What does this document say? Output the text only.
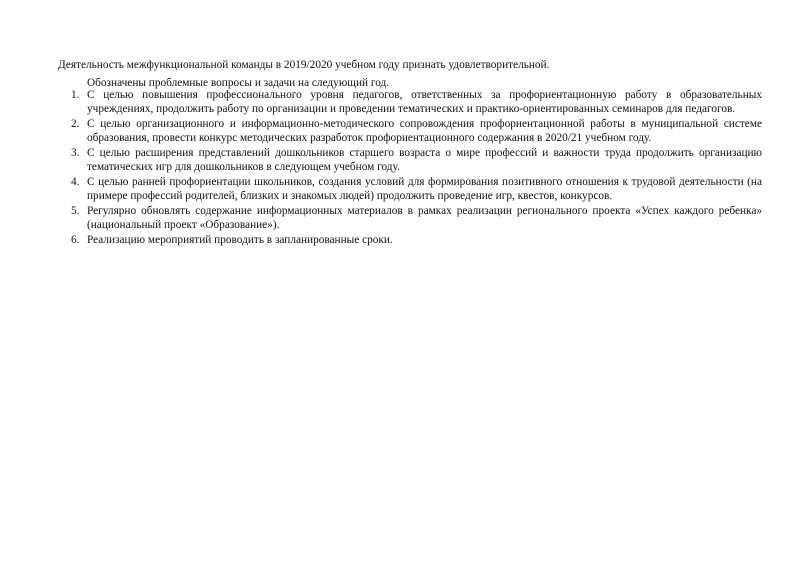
Деятельность межфункциональной команды в 2019/2020 учебном году признать удовлетворительной.

Обозначены проблемные вопросы и задачи на следующий год.

1. С целью повышения профессионального уровня педагогов, ответственных за профориентационную работу в образовательных учреждениях, продолжить работу по организации и проведении тематических и практико-ориентированных семинаров для педагогов.
2. С целью организационного и информационно-методического сопровождения профориентационной работы в муниципальной системе образования, провести конкурс методических разработок профориентационного содержания в 2020/21 учебном году.
3. С целью расширения представлений дошкольников старшего возраста о мире профессий и важности труда продолжить организацию тематических игр для дошкольников в следующем учебном году.
4. С целью ранней профориентации школьников, создания условий для формирования позитивного отношения к трудовой деятельности (на примере профессий родителей, близких и знакомых людей) продолжить проведение игр, квестов, конкурсов.
5. Регулярно обновлять содержание информационных материалов в рамках реализации регионального проекта «Успех каждого ребенка» (национальный проект «Образование»).
6. Реализацию мероприятий проводить в запланированные сроки.
